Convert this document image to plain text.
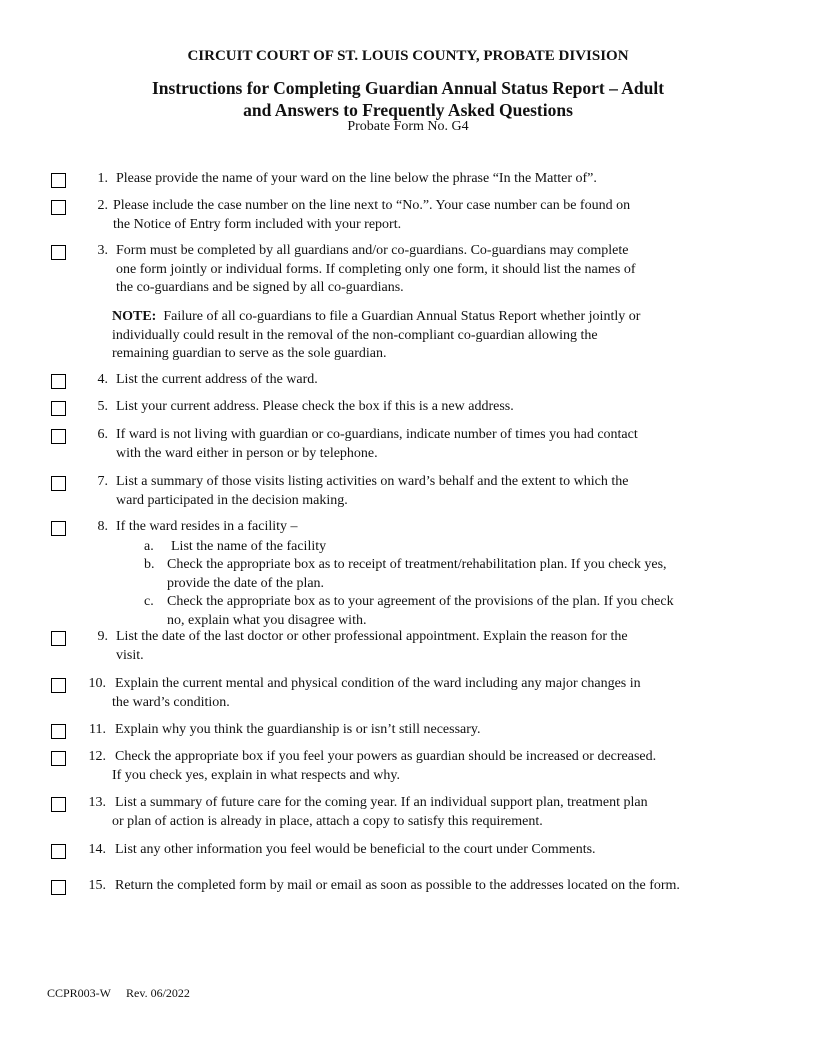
CIRCUIT COURT OF ST. LOUIS COUNTY, PROBATE DIVISION
Instructions for Completing Guardian Annual Status Report – Adult
and Answers to Frequently Asked Questions
Probate Form No. G4
1. Please provide the name of your ward on the line below the phrase “In the Matter of”.
2. Please include the case number on the line next to “No.”. Your case number can be found on
the Notice of Entry form included with your report.
3. Form must be completed by all guardians and/or co-guardians. Co-guardians may complete
one form jointly or individual forms. If completing only one form, it should list the names of
the co-guardians and be signed by all co-guardians.
4. List the current address of the ward.
5. List your current address. Please check the box if this is a new address.
6. If ward is not living with guardian or co-guardians, indicate number of times you had contact
with the ward either in person or by telephone.
7. List a summary of those visits listing activities on ward’s behalf and the extent to which the
ward participated in the decision making.
8. If the ward resides in a facility –
9. List the date of the last doctor or other professional appointment. Explain the reason for the
visit.
10. Explain the current mental and physical condition of the ward including any major changes in
the ward’s condition.
11. Explain why you think the guardianship is or isn’t still necessary.
12. Check the appropriate box if you feel your powers as guardian should be increased or decreased.
If you check yes, explain in what respects and why.
13. List a summary of future care for the coming year. If an individual support plan, treatment plan
or plan of action is already in place, attach a copy to satisfy this requirement.
14. List any other information you feel would be beneficial to the court under Comments.
15. Return the completed form by mail or email as soon as possible to the addresses located on the form.
NOTE: Failure of all co-guardians to file a Guardian Annual Status Report whether jointly or
individually could result in the removal of the non-compliant co-guardian allowing the
remaining guardian to serve as the sole guardian.
a. List the name of the facility
b. Check the appropriate box as to receipt of treatment/rehabilitation plan. If you check yes,
provide the date of the plan.
c. Check the appropriate box as to your agreement of the provisions of the plan. If you check
no, explain what you disagree with.
CCPR003-W Rev. 06/2022
